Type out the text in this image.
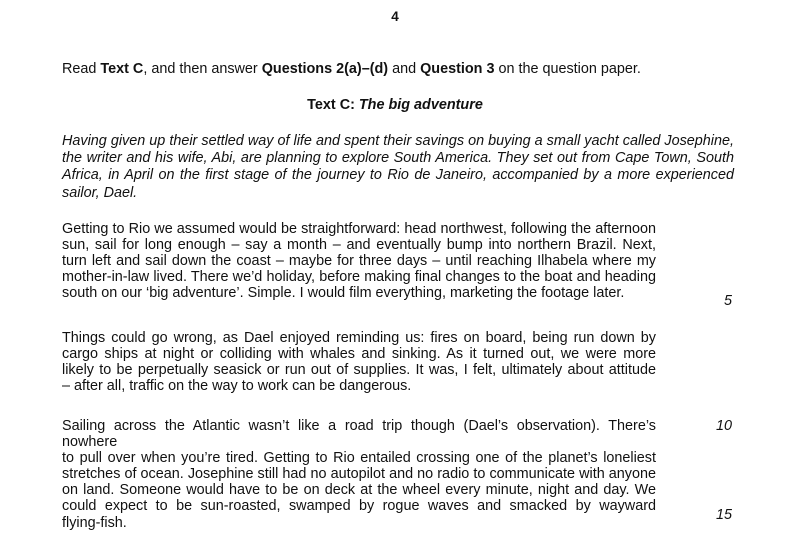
4
Read Text C, and then answer Questions 2(a)–(d) and Question 3 on the question paper.
Text C: The big adventure
Having given up their settled way of life and spent their savings on buying a small yacht called Josephine, the writer and his wife, Abi, are planning to explore South America. They set out from Cape Town, South Africa, in April on the first stage of the journey to Rio de Janeiro, accompanied by a more experienced sailor, Dael.
Getting to Rio we assumed would be straightforward: head northwest, following the afternoon
sun, sail for long enough – say a month – and eventually bump into northern Brazil. Next,
turn left and sail down the coast – maybe for three days – until reaching Ilhabela where my
mother-in-law lived. There we’d holiday, before making final changes to the boat and heading
south on our ‘big adventure’. Simple. I would film everything, marketing the footage later.
Things could go wrong, as Dael enjoyed reminding us: fires on board, being run down by
cargo ships at night or colliding with whales and sinking. As it turned out, we were more
likely to be perpetually seasick or run out of supplies. It was, I felt, ultimately about attitude
– after all, traffic on the way to work can be dangerous.
Sailing across the Atlantic wasn’t like a road trip though (Dael’s observation). There’s nowhere
to pull over when you’re tired. Getting to Rio entailed crossing one of the planet’s loneliest
stretches of ocean. Josephine still had no autopilot and no radio to communicate with anyone
on land. Someone would have to be on deck at the wheel every minute, night and day. We
could expect to be sun-roasted, swamped by rogue waves and smacked by wayward
flying-fish.
5
10
15
